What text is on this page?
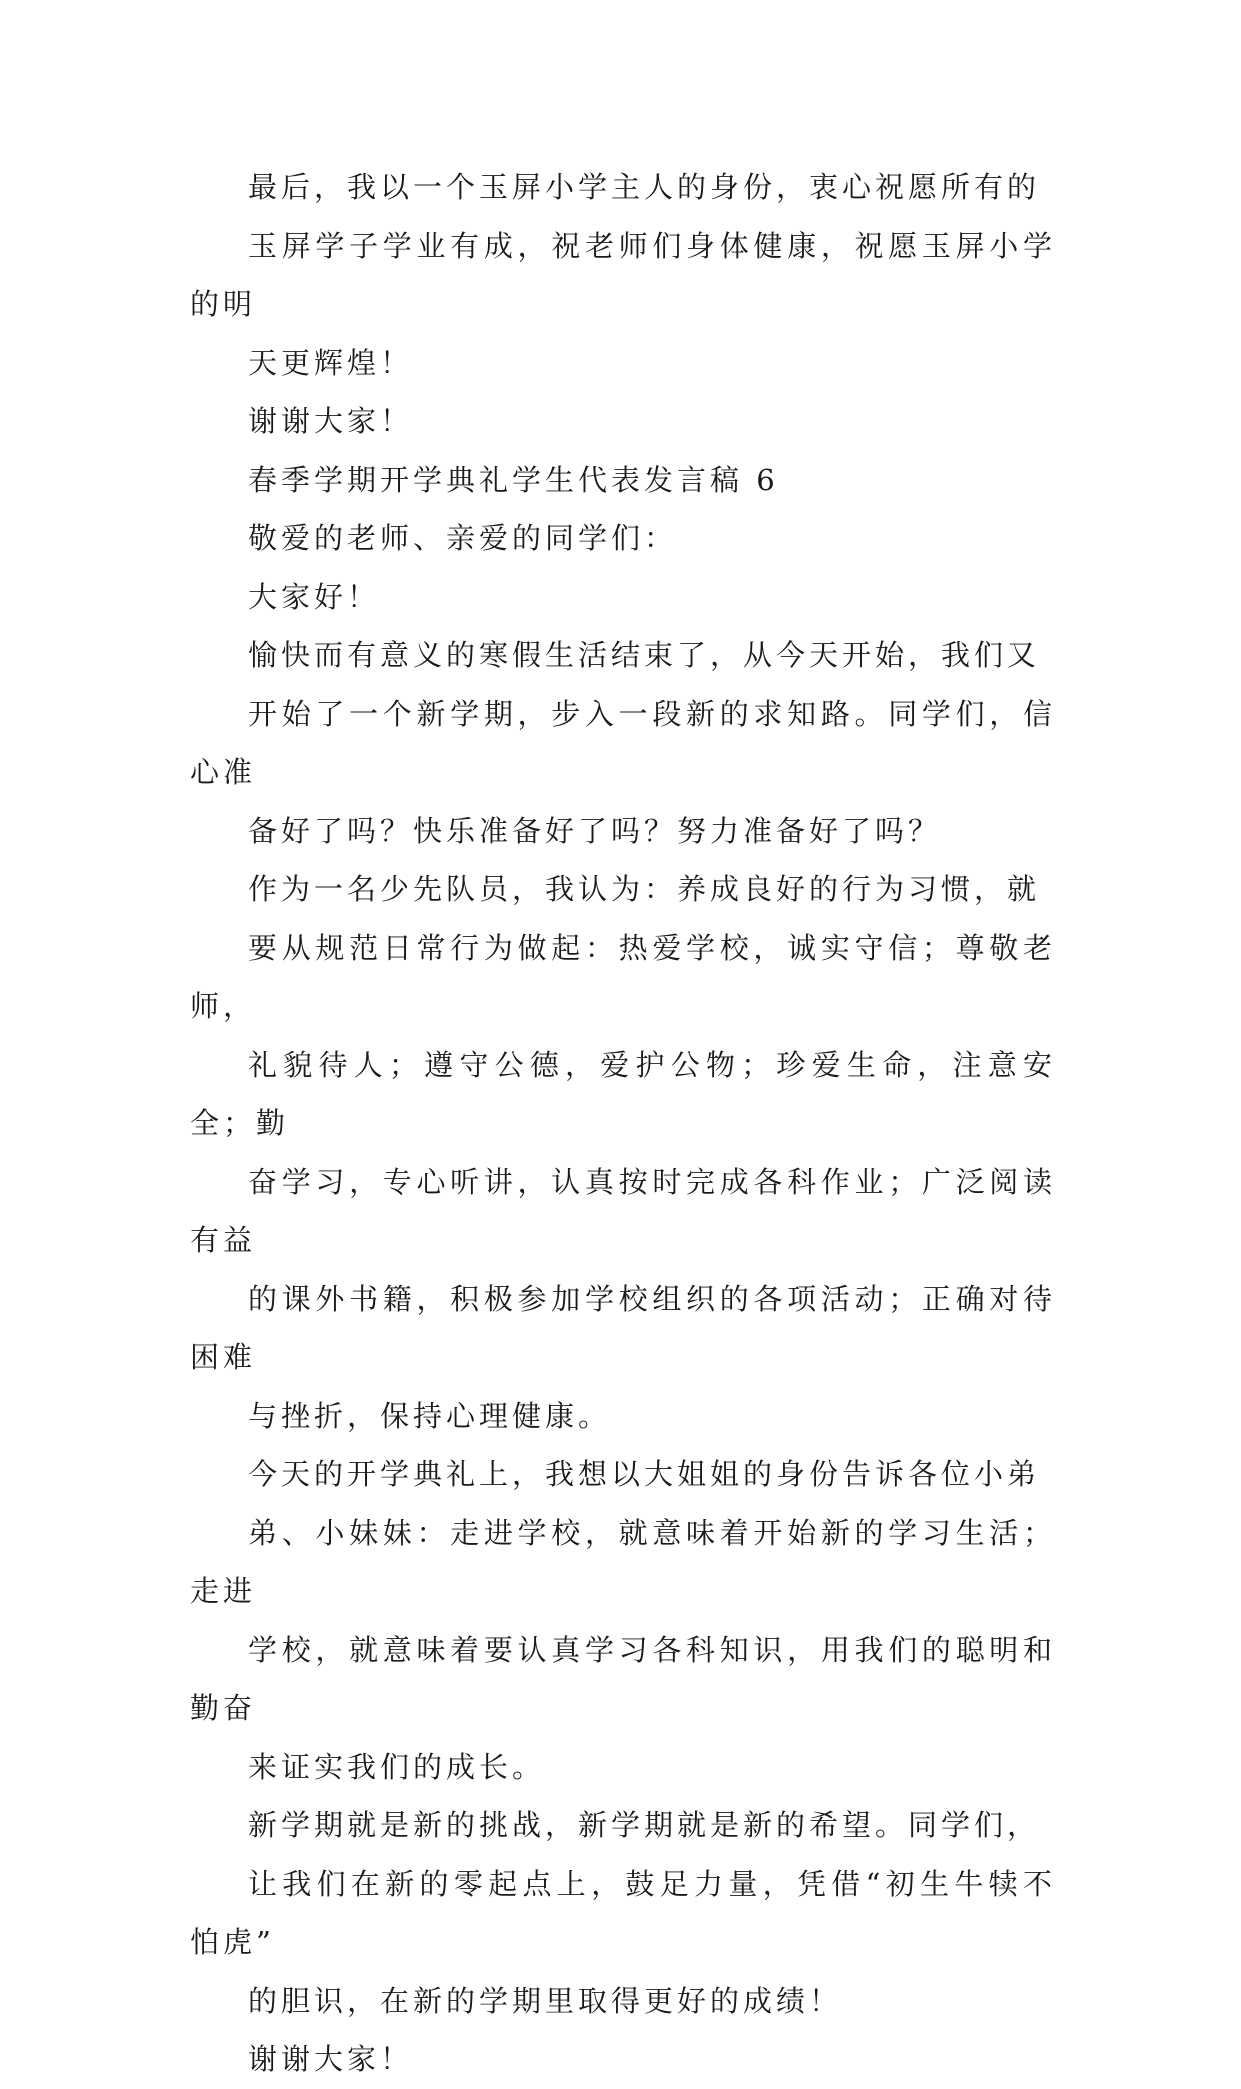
最后，我以一个玉屏小学主人的身份，衷心祝愿所有的
玉屏学子学业有成，祝老师们身体健康，祝愿玉屏小学的明
天更辉煌！

谢谢大家！

春季学期开学典礼学生代表发言稿 6

敬爱的老师、亲爱的同学们：

大家好！

愉快而有意义的寒假生活结束了，从今天开始，我们又
开始了一个新学期，步入一段新的求知路。同学们，信心准
备好了吗？快乐准备好了吗？努力准备好了吗？

作为一名少先队员，我认为：养成良好的行为习惯，就
要从规范日常行为做起：热爱学校，诚实守信；尊敬老师，
礼貌待人；遵守公德，爱护公物；珍爱生命，注意安全；勤
奋学习，专心听讲，认真按时完成各科作业；广泛阅读有益
的课外书籍，积极参加学校组织的各项活动；正确对待困难
与挫折，保持心理健康。

今天的开学典礼上，我想以大姐姐的身份告诉各位小弟
弟、小妹妹：走进学校，就意味着开始新的学习生活；走进
学校，就意味着要认真学习各科知识，用我们的聪明和勤奋
来证实我们的成长。

新学期就是新的挑战，新学期就是新的希望。同学们，
让我们在新的零起点上，鼓足力量，凭借“初生牛犊不怕虎”
的胆识，在新的学期里取得更好的成绩！

谢谢大家！
